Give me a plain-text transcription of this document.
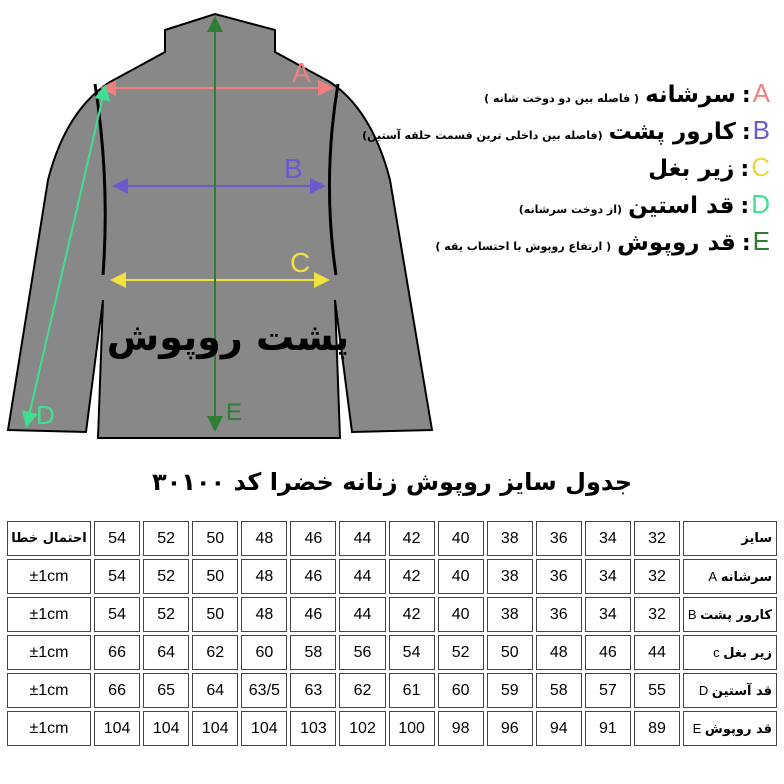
A
B
C
D	E
پشت روپوش
A
:
سرشانه
( فاصله بین دو دوخت شانه )
B
:
کارور پشت
(فاصله بین داخلی ترین قسمت حلقه آستین)
C
:
زیر بغل
D
:
قد استین
(از دوخت سرشانه)
E
:
قد روپوش
( ارتفاع روپوش با احتساب یقه )
جدول سایز روپوش زنانه خضرا کد ۳۰۱۰۰
سایز	32	34	36	38	40	42	44	46	48	50	52	54	احتمال خطا
سرشانه A	32	34	36	38	40	42	44	46	48	50	52	54	±1cm
کارور پشت B	32	34	36	38	40	42	44	46	48	50	52	54	±1cm
زیر بغل c	44	46	48	50	52	54	56	58	60	62	64	66	±1cm
قد آستین D	55	57	58	59	60	61	62	63	63/5	64	65	66	±1cm
قد روپوش E	89	91	94	96	98	100	102	103	104	104	104	104	±1cm
